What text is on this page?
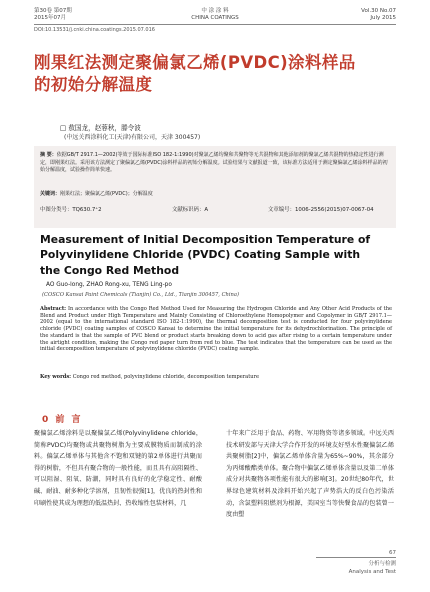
第30卷 第07期
2015年07月
中 涂 涂 料
CHINA COATINGS
Vol.30 No.07
July 2015
DOI:10.13531/j.cnki.china.coatings.2015.07.016
刚果红法测定聚偏氯乙烯(PVDC)涂料样品的初始分解温度
□ 敖国龙，赵蓉秋，滕令波
(中远关西涂料化工(天津)有限公司，天津 300457)
摘 要：依据GB/T 2917.1—2002(等效于国际标准ISO 182-1:1990)对聚氯乙烯均聚和共聚物等无共混物和其他添加剂的聚氯乙烯共混物的热稳定性进行测定，即刚果红法。采用该方法测定了聚偏氯乙烯(PVDC)涂料样品的初始分解温度。试验结果与文献报道一致，该标准方法适用于测定聚偏氯乙烯涂料样品的初始分解温度，试验操作简单快速。
关键词：刚果红法；聚偏氯乙烯(PVDC)；分解温度
中图分类号：TQ630.7⁺2	文献标识码：A	文章编号：1006-2556(2015)07-0067-04
Measurement of Initial Decomposition Temperature of Polyvinylidene Chloride (PVDC) Coating Sample with the Congo Red Method
AO Guo-long, ZHAO Rong-xu, TENG Ling-po
(COSCO Kansai Paint Chemicals (Tianjin) Co., Ltd., Tianjin 300457, China)
Abstract: In accordance with the Congo Red Method Used for Measuring the Hydrogen Chloride and Any Other Acid Products of the Blend and Product under High Temperature and Mainly Consisting of Chloroethylene Homopolymer and Copolymer in GB/T 2917.1—2002 (equal to the international standard ISO 182-1:1990), the thermal decomposition test is conducted for four polyvinylidene chloride (PVDC) coating samples of COSCO Kansai to determine the initial temperature for its dehydrochlorination. The principle of the standard is that the sample of PVC blend or product starts breaking down to acid gas after rising to a certain temperature under the airtight condition, making the Congo red paper turn from red to blue. The test indicates that the temperature can be used as the initial decomposition temperature of polyvinylidene chloride (PVDC) coating sample.
Key words: Congo red method, polyvinylidene chloride, decomposition temperature
0 前 言
聚偏氯乙烯涂料是以聚偏氯乙烯(Polyvinylidene chloride，简称PVDC)均聚物或共聚物树脂为主要成膜物质而制成的涂料。偏氯乙烯单体与其他含不饱和双键的第2单体进行共聚而得的树脂，不但具有聚合物的一般性能，而且具有高阻隔性、可以阻湿、阻氧、防潮，同时具有良好的化学稳定性、耐酸碱、耐油、耐多种化学溶剂，且韧性很强[1]，优良的热封性和印刷性使其成为理想的低温热封、热收缩性包装材料，几
十年来广泛用于食品、药物、军用物资等诸多领域。中远关西技术研发部与天津大学合作开发的环境友好型水性聚偏氯乙烯共聚树脂[2]中，偏氯乙烯单体含量为65%~90%，其余部分为丙烯酸酯类单体。聚合物中偏氯乙烯单体含量以及第二单体成分对共聚物各项性能有很大的影响[3]。20世纪80年代，世界绿色建筑材料及涂料开始兴起了声势浩大的反白色污染活动，含氯塑料阻燃剂为根源，美国室当等快餐食品的包装曾一度由塑
67
分析与检测
Analysis and Test
